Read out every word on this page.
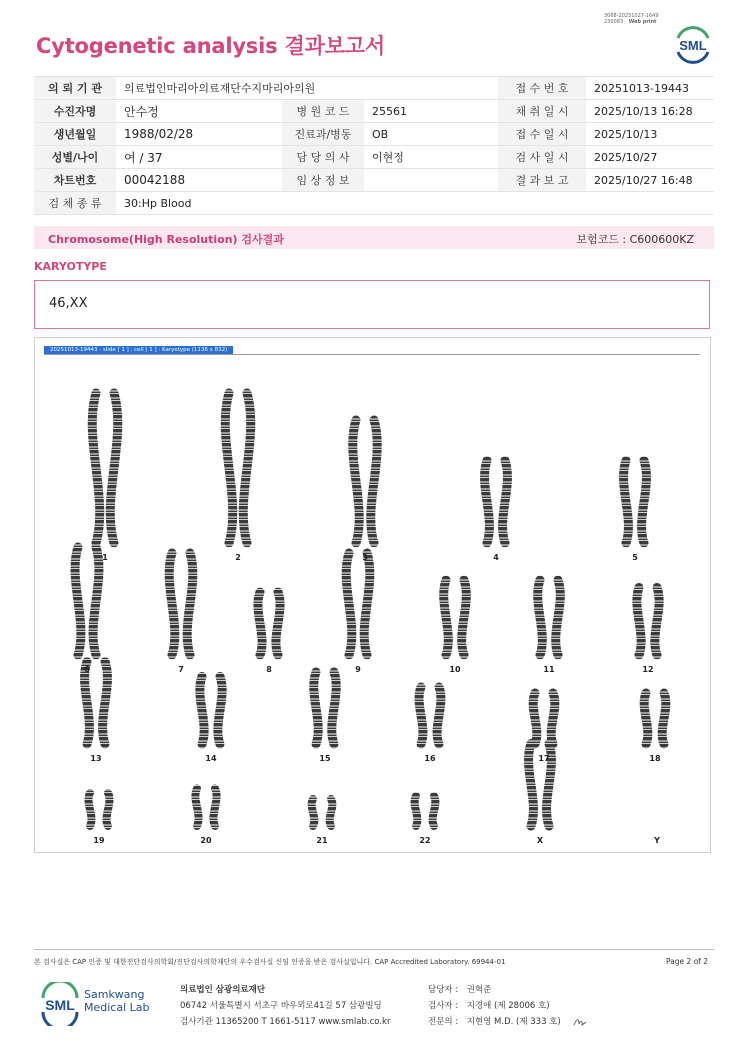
3068-20251027-1649
230083 Web print
Cytogenetic analysis 결과보고서	SML
의 뢰 기 관	의료법인마리아의료재단수지마리아의원			접 수 번 호	20251013-19443
수진자명	안수정	병 원 코 드	25561	채 취 일 시	2025/10/13 16:28
생년월일	1988/02/28	진료과/병동	OB	접 수 일 시	2025/10/13
성별/나이	여 / 37	담 당 의 사	이현정	검 사 일 시	2025/10/27
차트번호	00042188	임 상 정 보		결 과 보 고	2025/10/27 16:48
검 체 종 류	30:Hp Blood				
Chromosome(High Resolution) 검사결과	보험코드 : C600600KZ
KARYOTYPE
46,XX
20251013-19443 - slide [ 1 ] : cell [ 1 ] : Karyotype (1136 x 832)
1	2	3	4	5
6	7	8	9	10	11	12
13	14	15	16	17	18
19	20	21	22	X	Y
본 검사실은 CAP 인증 및 대한진단검사의학회/진단검사의학재단의 우수검사실 신임 인증을 받은 검사실입니다. CAP Accredited Laboratory. 69944-01	Page 2 of 2
SML
Samkwang
Medical Lab
의료법인 삼광의료재단
06742 서울특별시 서초구 바우뫼로41길 57 삼광빌딩
검사기관 11365200 T 1661-5117 www.smlab.co.kr
담당자 : 권혁준
검사자 : 지경애 (제 28006 호)
전문의 : 지현영 M.D. (제 333 호)
